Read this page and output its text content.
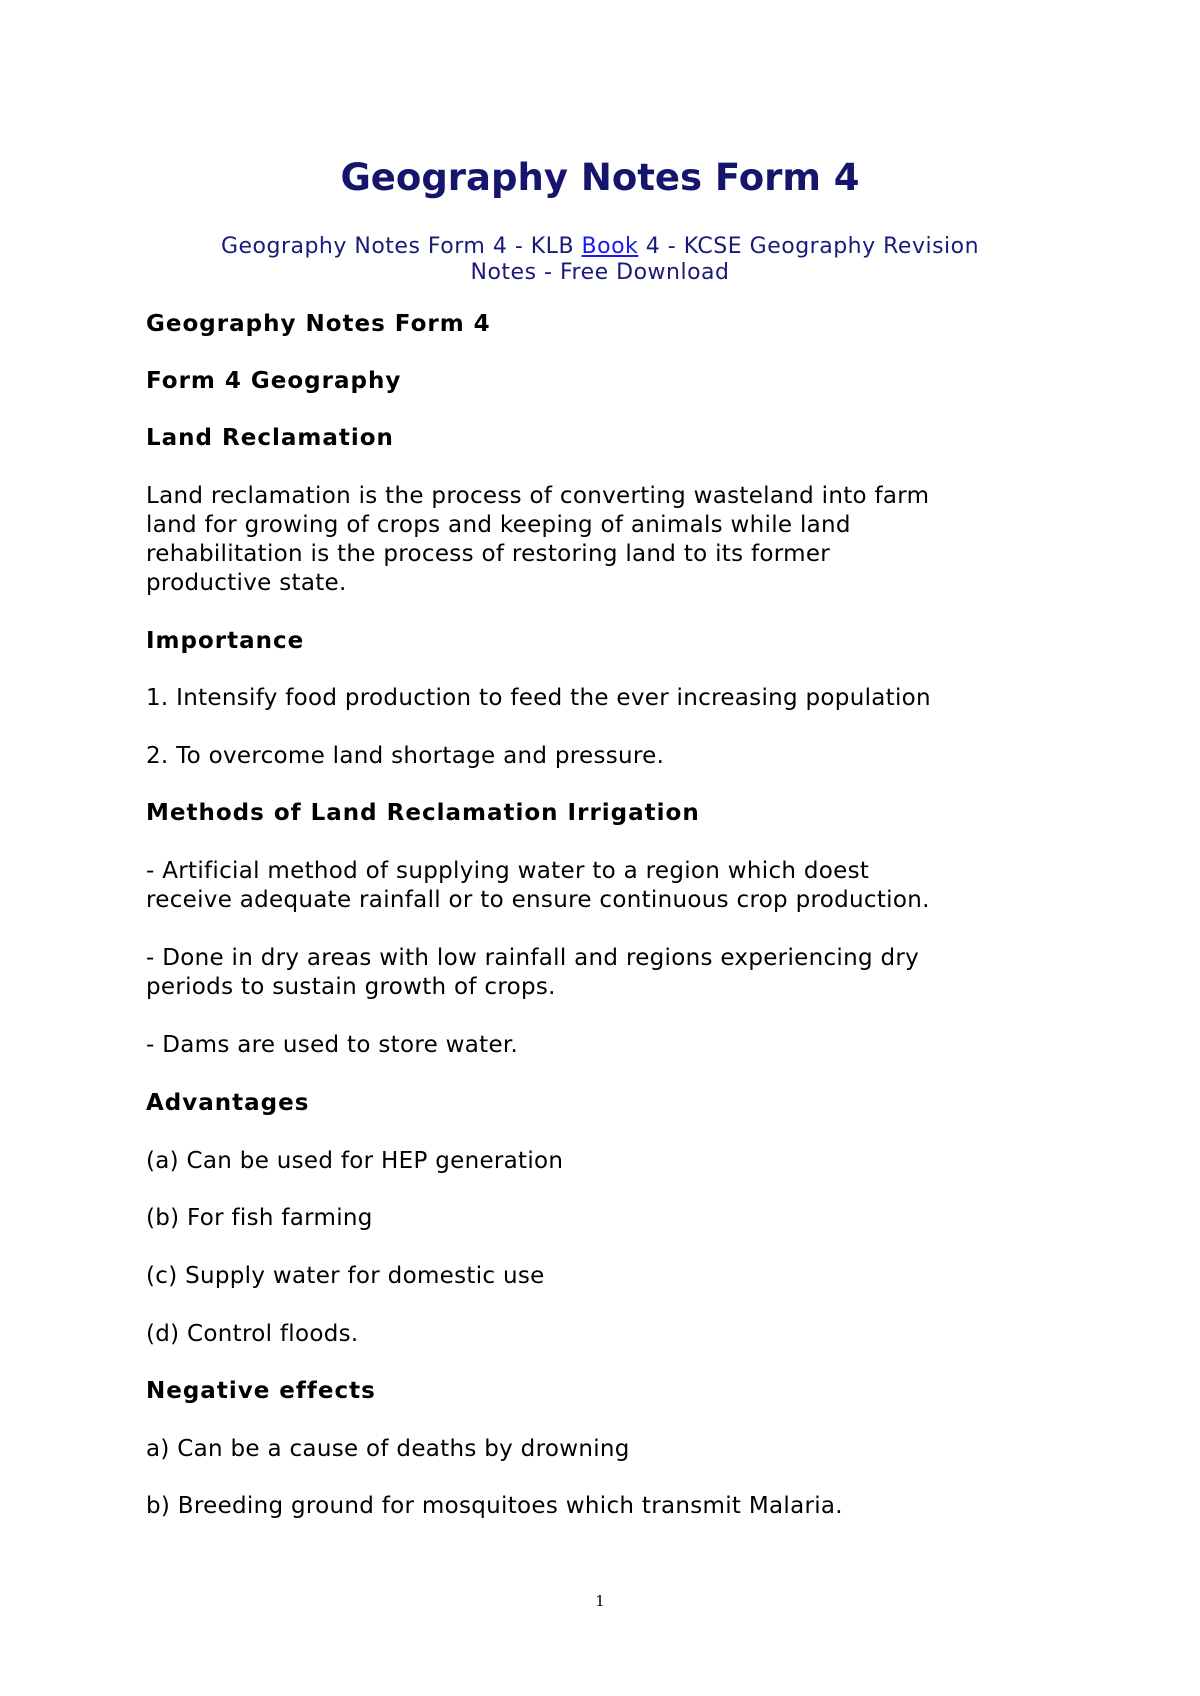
Geography Notes Form 4

Geography Notes Form 4 - KLB Book 4 - KCSE Geography Revision
Notes - Free Download

Geography Notes Form 4

Form 4 Geography

Land Reclamation

Land reclamation is the process of converting wasteland into farm
land for growing of crops and keeping of animals while land
rehabilitation is the process of restoring land to its former
productive state.

Importance

1. Intensify food production to feed the ever increasing population

2. To overcome land shortage and pressure.

Methods of Land Reclamation Irrigation

- Artificial method of supplying water to a region which doest
receive adequate rainfall or to ensure continuous crop production.

- Done in dry areas with low rainfall and regions experiencing dry
periods to sustain growth of crops.

- Dams are used to store water.

Advantages

(a) Can be used for HEP generation

(b) For fish farming

(c) Supply water for domestic use

(d) Control floods.

Negative effects

a) Can be a cause of deaths by drowning

b) Breeding ground for mosquitoes which transmit Malaria.

1
